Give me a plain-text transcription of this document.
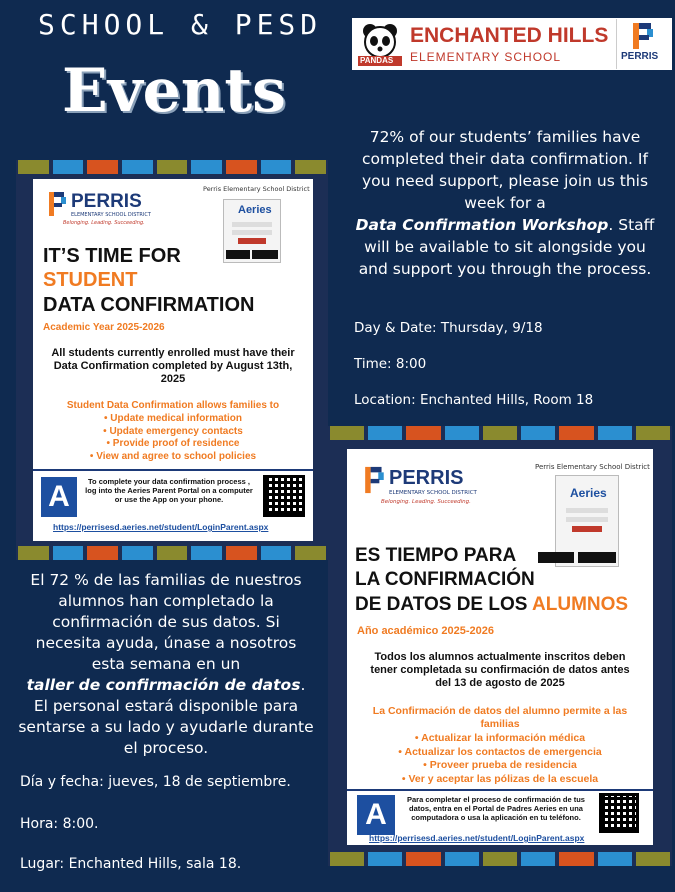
SCHOOL & PESD
Events	PANDAS
ENCHANTED HILLS
ELEMENTARY SCHOOL	PERRIS
72% of our students’ families have completed their data confirmation. If you need support, please join us this week for a
Data Confirmation Workshop. Staff will be available to sit alongside you and support you through the process.
Day & Date: Thursday, 9/18
Time: 8:00
Location: Enchanted Hills, Room 18
PERRIS
ELEMENTARY SCHOOL DISTRICT
Belonging. Leading. Succeeding.
Perris Elementary School District
Aeries
IT’S TIME FOR
STUDENT
DATA CONFIRMATION
Academic Year 2025-2026
All students currently enrolled must have their Data Confirmation completed by August 13th, 2025
Student Data Confirmation allows families to
• Update medical information
• Update emergency contacts
• Provide proof of residence
• View and agree to school policies
A	To complete your data confirmation process , log into the Aeries Parent Portal on a computer or use the App on your phone.
https://perrisesd.aeries.net/student/LoginParent.aspx
El 72 % de las familias de nuestros alumnos han completado la confirmación de sus datos. Si necesita ayuda, únase a nosotros esta semana en un
taller de confirmación de datos.
El personal estará disponible para sentarse a su lado y ayudarle durante el proceso.
Día y fecha: jueves, 18 de septiembre.
Hora: 8:00.
Lugar: Enchanted Hills, sala 18.
PERRIS
ELEMENTARY SCHOOL DISTRICT
Belonging. Leading. Succeeding.
Perris Elementary School District
Aeries
ES TIEMPO PARA
LA CONFIRMACIÓN
DE DATOS DE LOS ALUMNOS
Año académico 2025-2026
Todos los alumnos actualmente inscritos deben tener completada su confirmación de datos antes del 13 de agosto de 2025
La Confirmación de datos del alumno permite a las familias
• Actualizar la información médica
• Actualizar los contactos de emergencia
• Proveer prueba de residencia
• Ver y aceptar las pólizas de la escuela
A	Para completar el proceso de confirmación de tus datos, entra en el Portal de Padres Aeries en una computadora o usa la aplicación en tu teléfono.
https://perrisesd.aeries.net/student/LoginParent.aspx
